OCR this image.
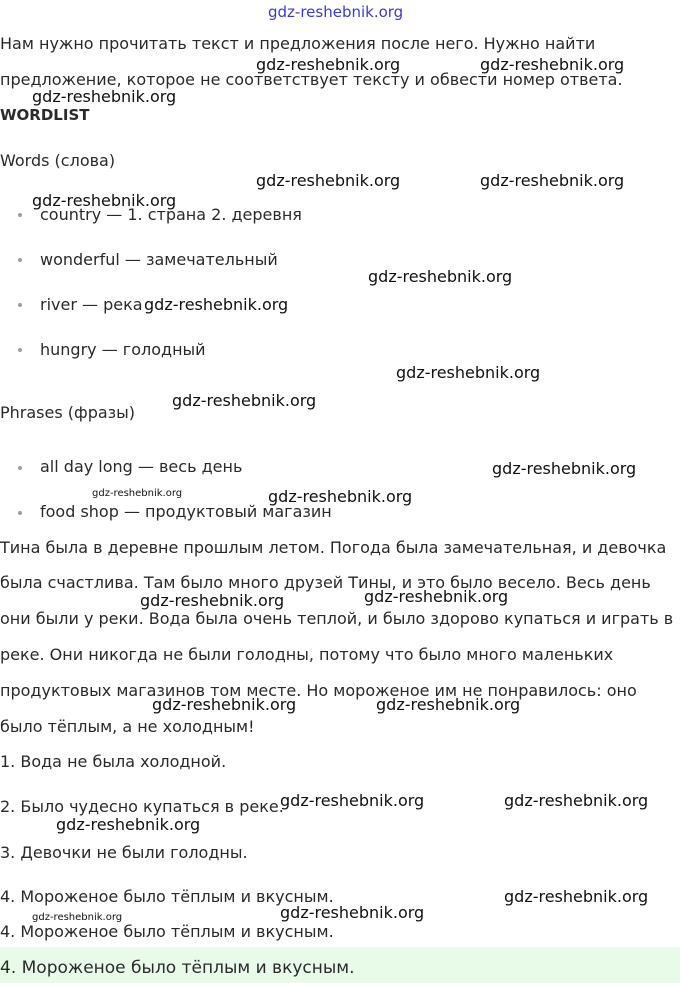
gdz-reshebnik.org
Нам нужно прочитать текст и предложения после него. Нужно найти
предложение, которое не соответствует тексту и обвести номер ответа.
WORDLIST
Words (слова)
country — 1. страна 2. деревня
wonderful — замечательный
river — река
hungry — голодный
Phrases (фразы)
all day long — весь день
food shop — продуктовый магазин
Тина была в деревне прошлым летом. Погода была замечательная, и девочка
была счастлива. Там было много друзей Тины, и это было весело. Весь день
они были у реки. Вода была очень теплой, и было здорово купаться и играть в
реке. Они никогда не были голодны, потому что было много маленьких
продуктовых магазинов том месте. Но мороженое им не понравилось: оно
было тёплым, а не холодным!
1. Вода не была холодной.
2. Было чудесно купаться в реке.
3. Девочки не были голодны.
4. Мороженое было тёплым и вкусным.
4. Мороженое было тёплым и вкусным.
4. Мороженое было тёплым и вкусным.
gdz-reshebnik.org	gdz-reshebnik.org
gdz-reshebnik.org
gdz-reshebnik.org	gdz-reshebnik.org
gdz-reshebnik.org
gdz-reshebnik.org
gdz-reshebnik.org
gdz-reshebnik.org
gdz-reshebnik.org
gdz-reshebnik.org
gdz-reshebnik.org	gdz-reshebnik.org
gdz-reshebnik.org	gdz-reshebnik.org
gdz-reshebnik.org	gdz-reshebnik.org
gdz-reshebnik.org	gdz-reshebnik.org
gdz-reshebnik.org
gdz-reshebnik.org
gdz-reshebnik.org	gdz-reshebnik.org
